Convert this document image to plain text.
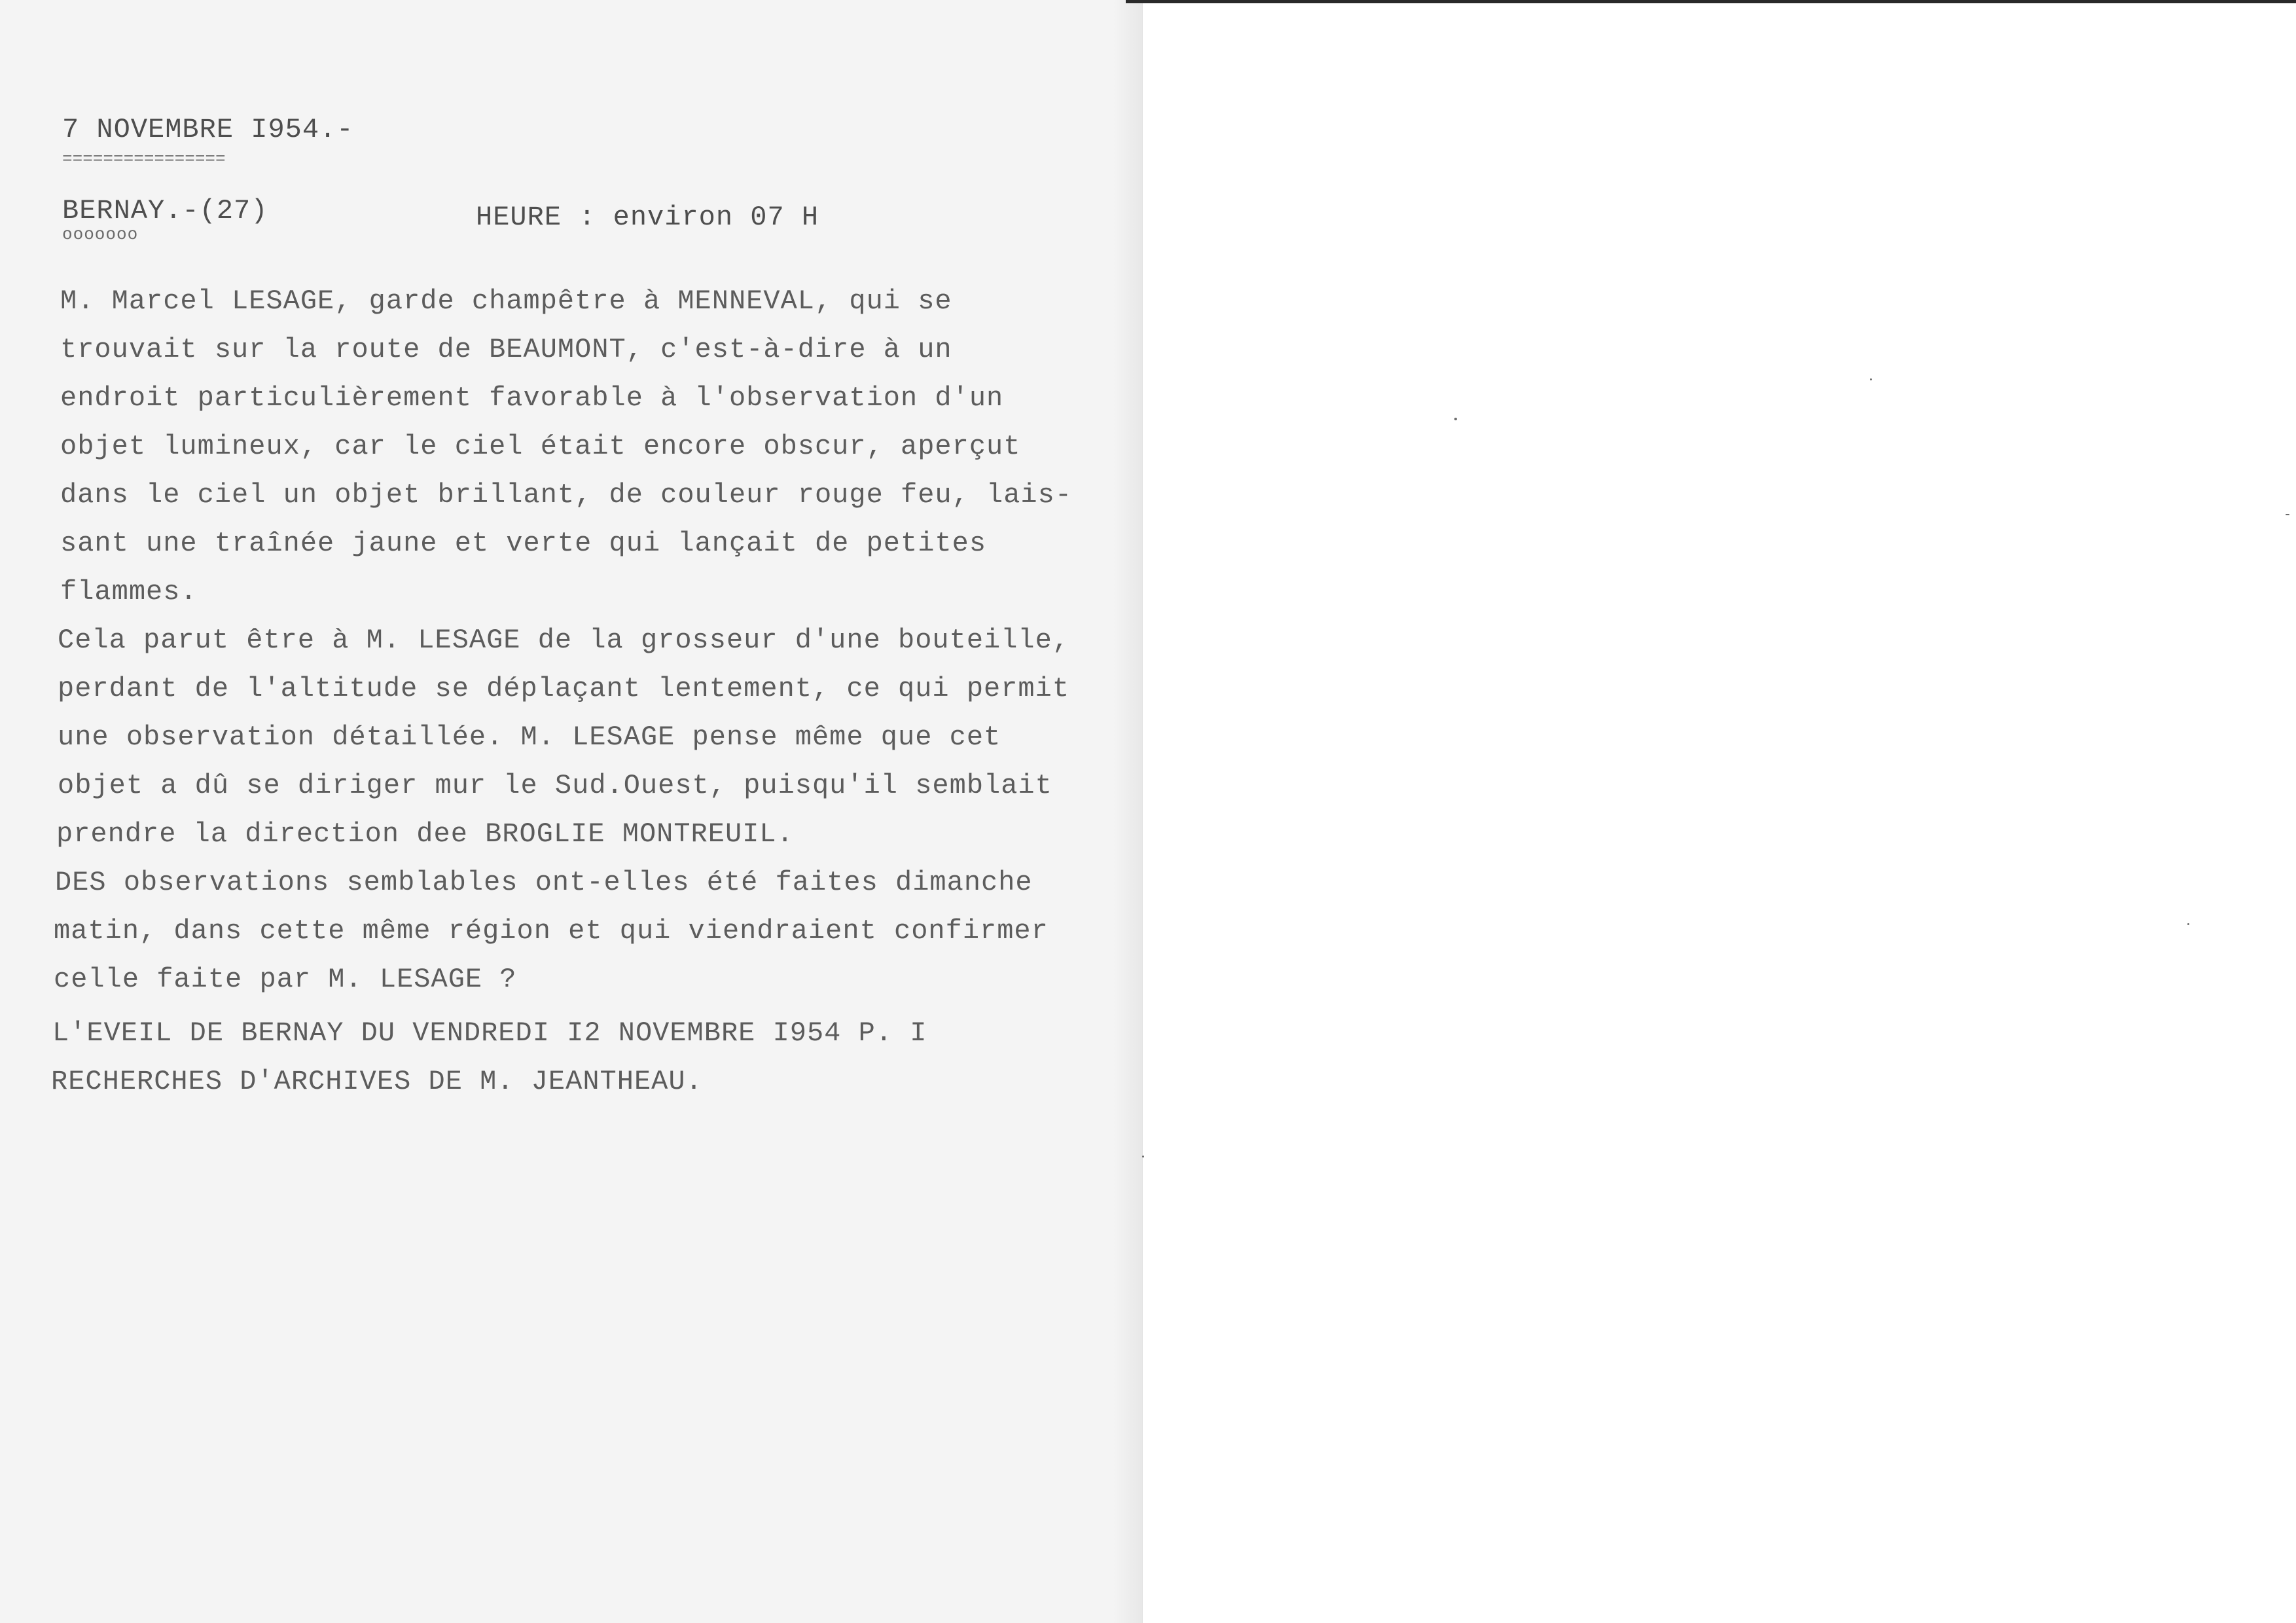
7 NOVEMBRE I954.-
================
BERNAY.-(27)
ooooooo
HEURE : environ 07 H
M. Marcel LESAGE, garde champêtre à MENNEVAL, qui se
trouvait sur la route de BEAUMONT, c'est-à-dire à un
endroit particulièrement favorable à l'observation d'un
objet lumineux, car le ciel était encore obscur, aperçut
dans le ciel un objet brillant, de couleur rouge feu, lais-
sant une traînée jaune et verte qui lançait de petites
flammes.
Cela parut être à M. LESAGE de la grosseur d'une bouteille,
perdant de l'altitude se déplaçant lentement, ce qui permit
une observation détaillée. M. LESAGE pense même que cet
objet a dû se diriger mur le Sud.Ouest, puisqu'il semblait
prendre la direction dee BROGLIE MONTREUIL.
DES observations semblables ont-elles été faites dimanche
matin, dans cette même région et qui viendraient confirmer
celle faite par M. LESAGE ?
L'EVEIL DE BERNAY DU VENDREDI I2 NOVEMBRE I954 P. I
RECHERCHES D'ARCHIVES DE M. JEANTHEAU.
